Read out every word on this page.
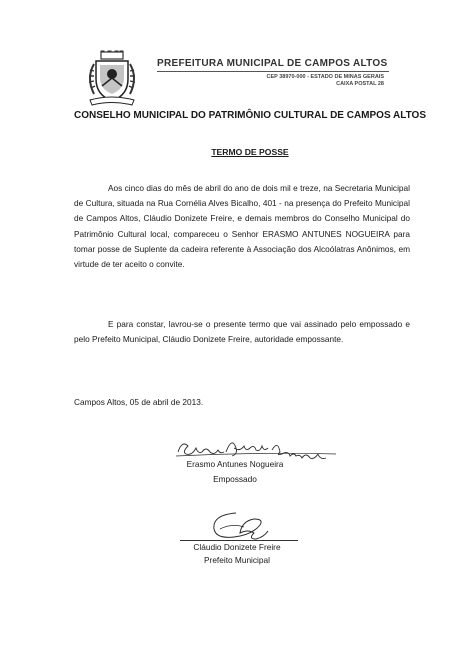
PREFEITURA MUNICIPAL DE CAMPOS ALTOS
CEP 38970-000 - ESTADO DE MINAS GERAIS
CAIXA POSTAL 28
CONSELHO MUNICIPAL DO PATRIMÔNIO CULTURAL DE CAMPOS ALTOS
TERMO DE POSSE

Aos cinco dias do mês de abril do ano de dois mil e treze, na Secretaria Municipal de Cultura, situada na Rua Cornélia Alves Bicalho, 401 - na presença do Prefeito Municipal de Campos Altos, Cláudio Donizete Freire, e demais membros do Conselho Municipal do Patrimônio Cultural local, compareceu o Senhor ERASMO ANTUNES NOGUEIRA para tomar posse de Suplente da cadeira referente à Associação dos Alcoólatras Anônimos, em virtude de ter aceito o convite.

E para constar, lavrou-se o presente termo que vai assinado pelo empossado e pelo Prefeito Municipal, Cláudio Donizete Freire, autoridade empossante.

Campos Altos, 05 de abril de 2013.
Erasmo Antunes Nogueira
Empossado
Cláudio Donizete Freire
Prefeito Municipal
